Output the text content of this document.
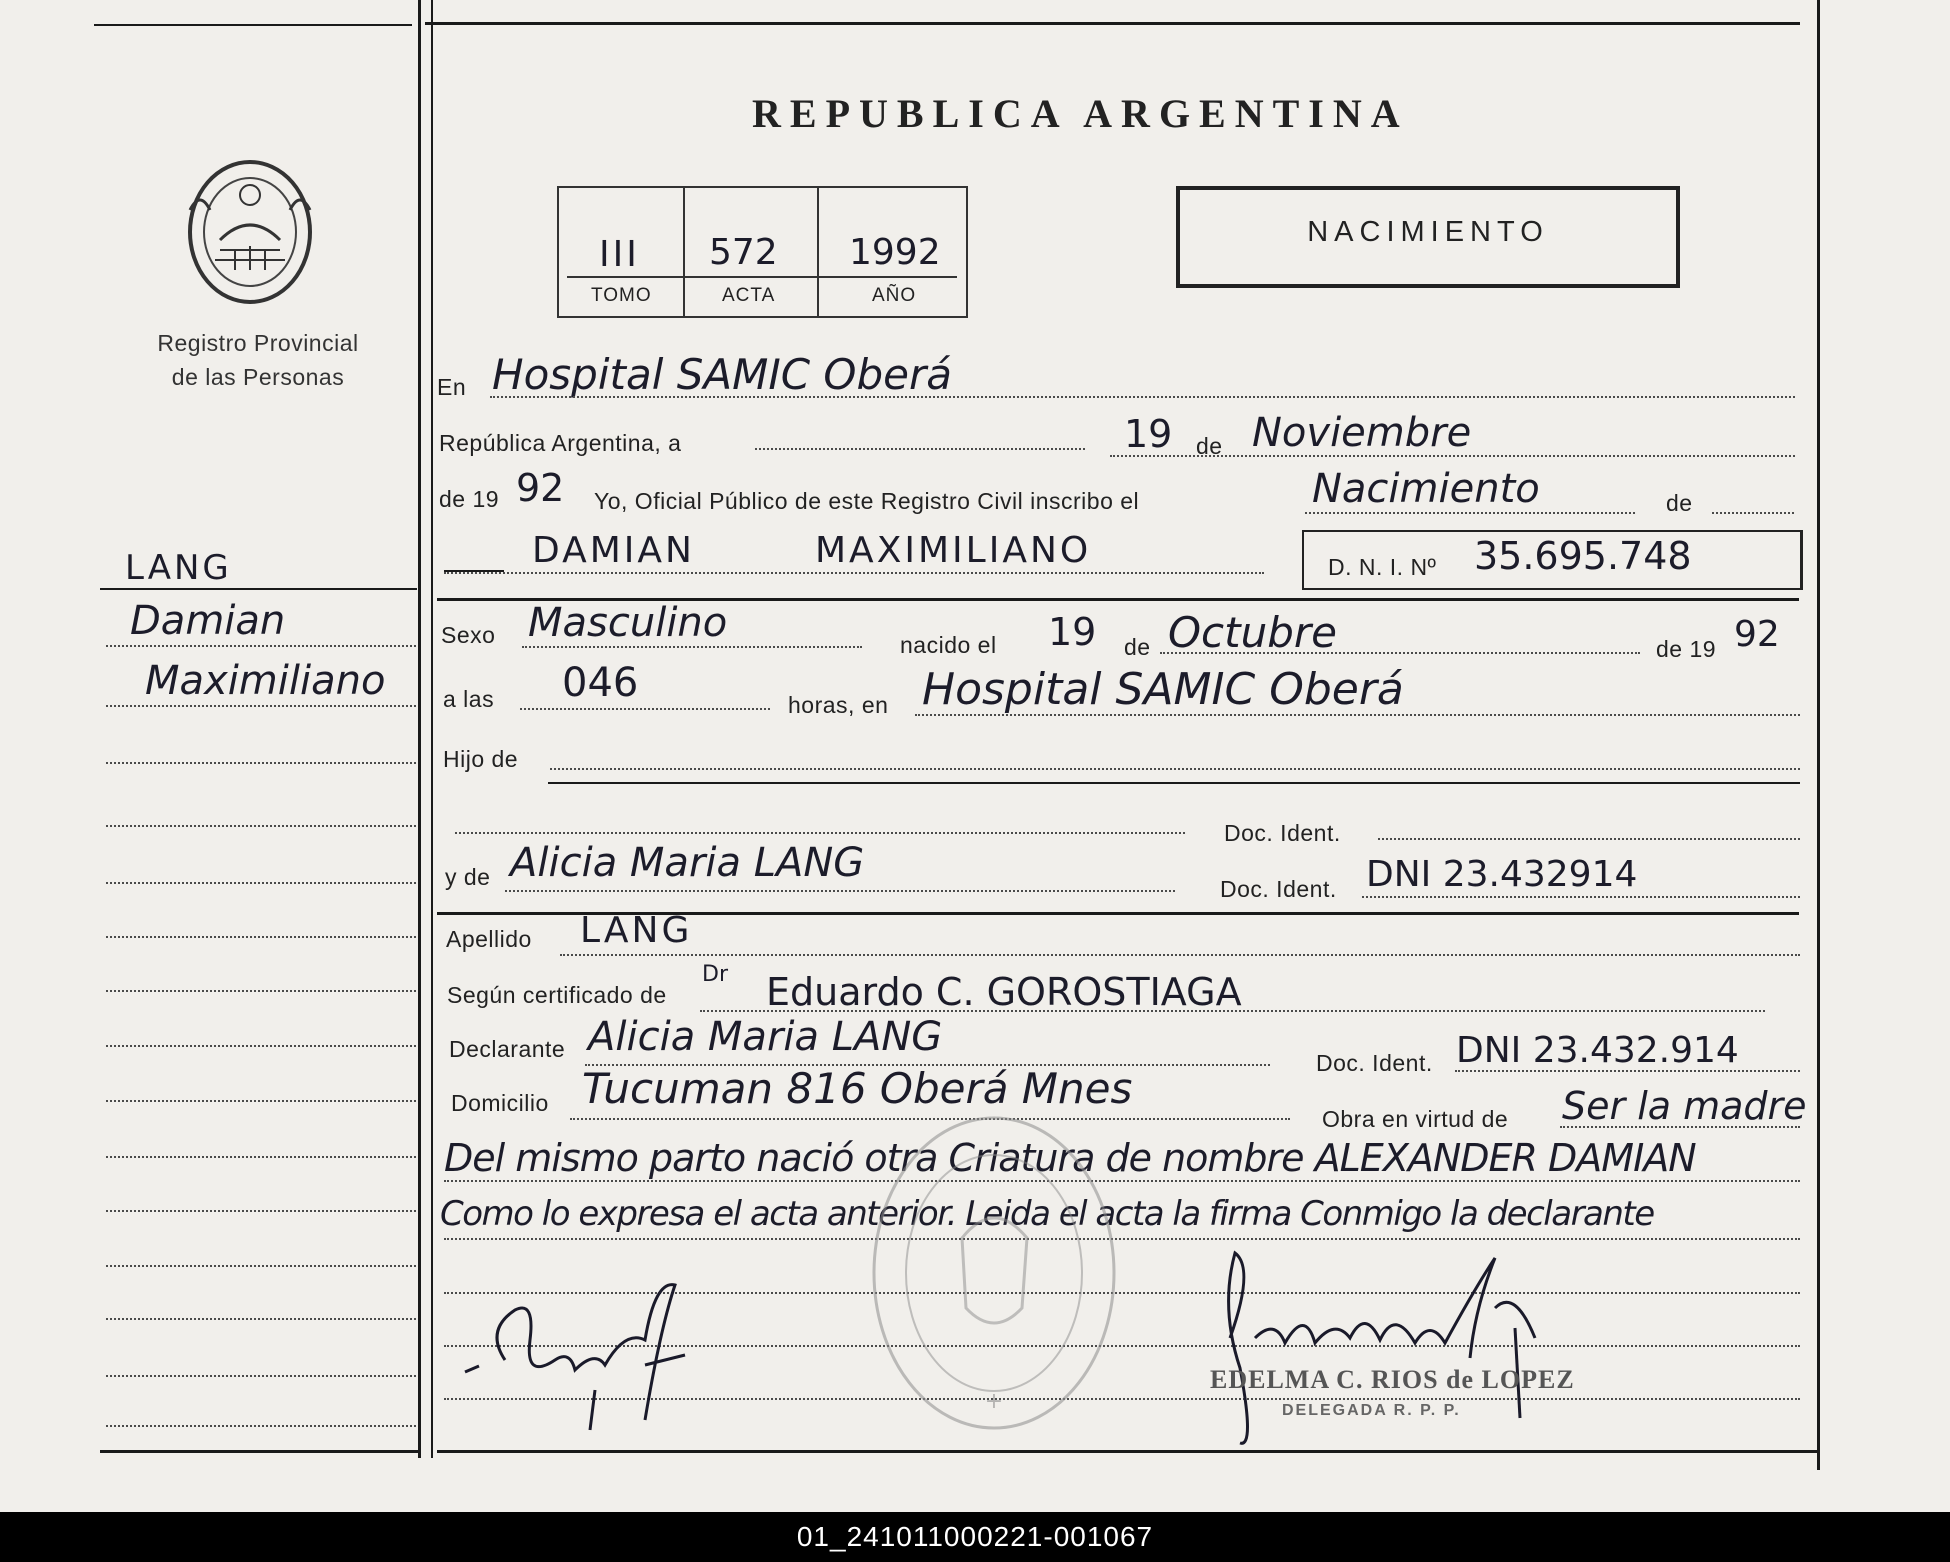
Registro Provincial
de las Personas
LANG
Damian
Maximiliano
REPUBLICA ARGENTINA
III 572 1992
TOMO	ACTA	AÑO
NACIMIENTO
En Hospital SAMIC Oberá
República Argentina, a	19 de Noviembre
de 19 92 Yo, Oficial Público de este Registro Civil inscribo el	Nacimiento	de
DAMIAN	MAXIMILIANO	D. N. I. Nº 35.695.748
Sexo Masculino	nacido el 19 de Octubre	de 19 92
a las 046	horas, en Hospital SAMIC Oberá
Hijo de
Doc. Ident.
y de Alicia Maria LANG
Doc. Ident. DNI 23.432914
Apellido LANG
Según certificado de
Dr Eduardo C. GOROSTIAGA
Declarante Alicia Maria LANG
Doc. Ident. DNI 23.432.914
Domicilio Tucuman 816 Oberá Mnes
Obra en virtud de Ser la madre
Del mismo parto nació otra Criatura de nombre ALEXANDER DAMIAN
Como lo expresa el acta anterior. Leida el acta la firma Conmigo la declarante
+
EDELMA C. RIOS de LOPEZ
DELEGADA R. P. P.
01_241011000221-001067
